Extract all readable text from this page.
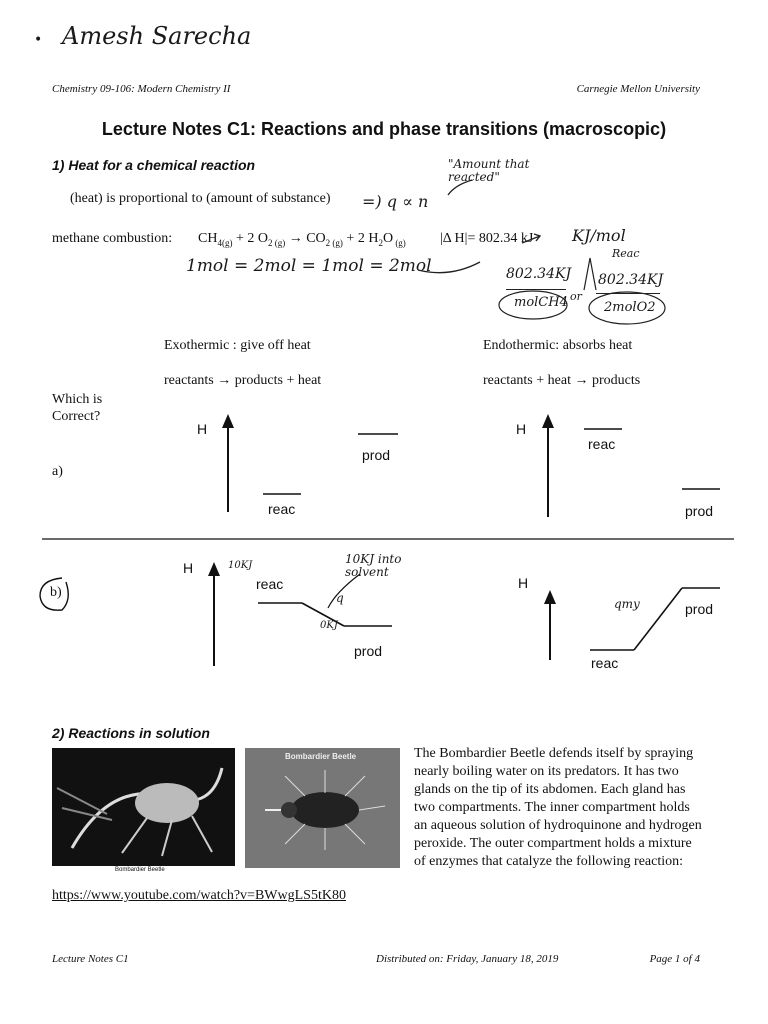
Amesh Sarecha
•
Chemistry 09-106: Modern Chemistry II	Carnegie Mellon University
Lecture Notes C1: Reactions and phase transitions (macroscopic)
1) Heat for a chemical reaction	"Amount that reacted"
(heat) is proportional to (amount of substance) =) q ∝ n
methane combustion: $CH_{4(g)} + 2$ $O_{2 (g)} \to CO_{2 (g)} + 2$ $H_2O$ $_{(g)}$ |Δ H|= 802.34 kJ KJ/mol
Reac
1mol = 2mol = 1mol = 2mol	802.34KJ
molCH4 or
802.34KJ
2molO2
Exothermic : give off heat	Endothermic: absorbs heat
reactants → products + heat	reactants + heat → products
Which is
Correct?
a)
H
prod
reac
H
reac
prod
b)
H	10KJ
reac
10KJ into solvent
q
0KJ
prod
H
qmy	prod
reac
2) Reactions in solution
Bombardier Beetle
Bombardier Beetle	The Bombardier Beetle defends itself by spraying nearly boiling water on its predators. It has two glands on the tip of its abdomen. Each gland has two compartments. The inner compartment holds an aqueous solution of hydroquinone and hydrogen peroxide. The outer compartment holds a mixture of enzymes that catalyze the following reaction:
https://www.youtube.com/watch?v=BWwgLS5tK80
Lecture Notes C1	Distributed on: Friday, January 18, 2019	Page 1 of 4
